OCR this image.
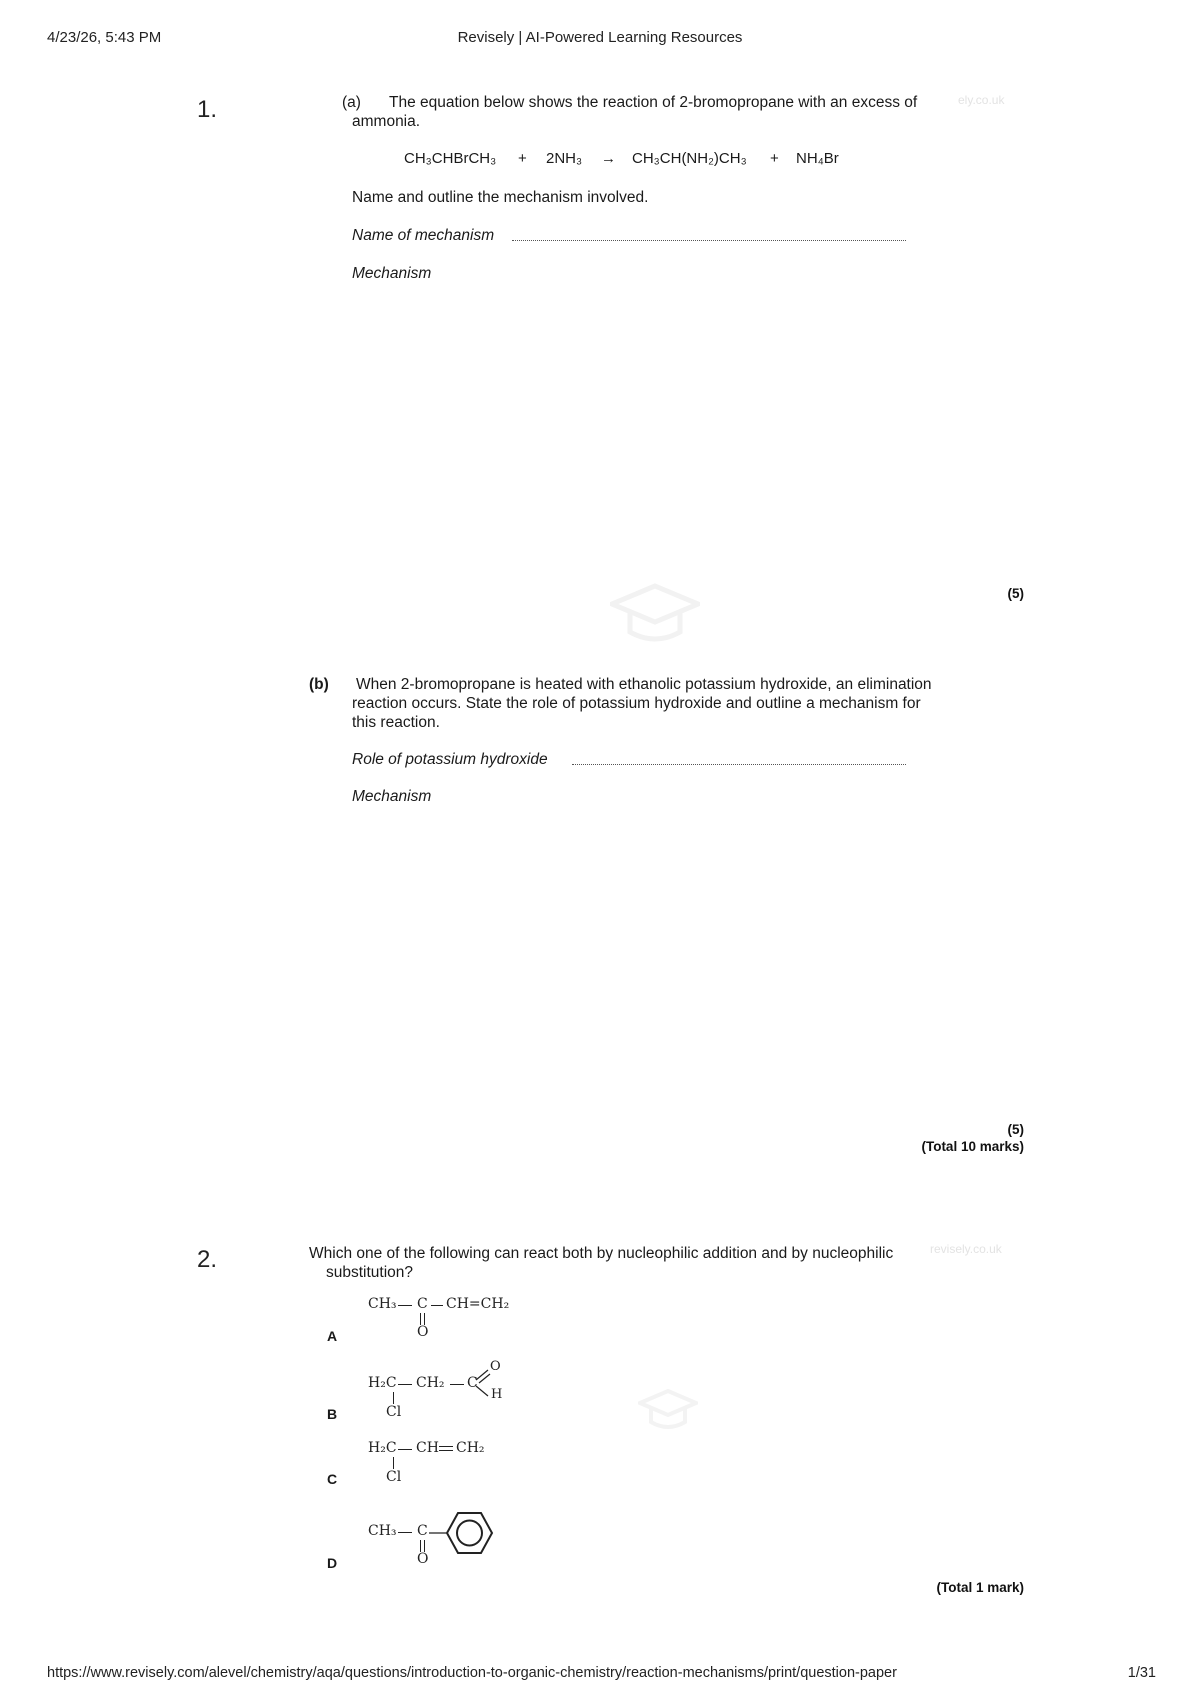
4/23/26, 5:43 PM	Revisely | AI-Powered Learning Resources
ely.co.uk
revisely.co.uk
1.	(a) The equation below shows the reaction of 2-bromopropane with an excess of
ammonia.
CH₃CHBrCH₃ + 2NH₃ → CH₃CH(NH₂)CH₃ + NH₄Br
Name and outline the mechanism involved.
Name of mechanism
Mechanism
(5)
(b) When 2-bromopropane is heated with ethanolic potassium hydroxide, an elimination
reaction occurs. State the role of potassium hydroxide and outline a mechanism for
this reaction.
Role of potassium hydroxide
Mechanism
(5)
(Total 10 marks)
2.	Which one of the following can react both by nucleophilic addition and by nucleophilic
substitution?
A
CH₃ C CH=CH₂
O
B
H₂C CH₂ C
O
H
Cl
C
H₂C CH CH₂
Cl
D
CH₃ C
O
(Total 1 mark)
https://www.revisely.com/alevel/chemistry/aqa/questions/introduction-to-organic-chemistry/reaction-mechanisms/print/question-paper	1/31
